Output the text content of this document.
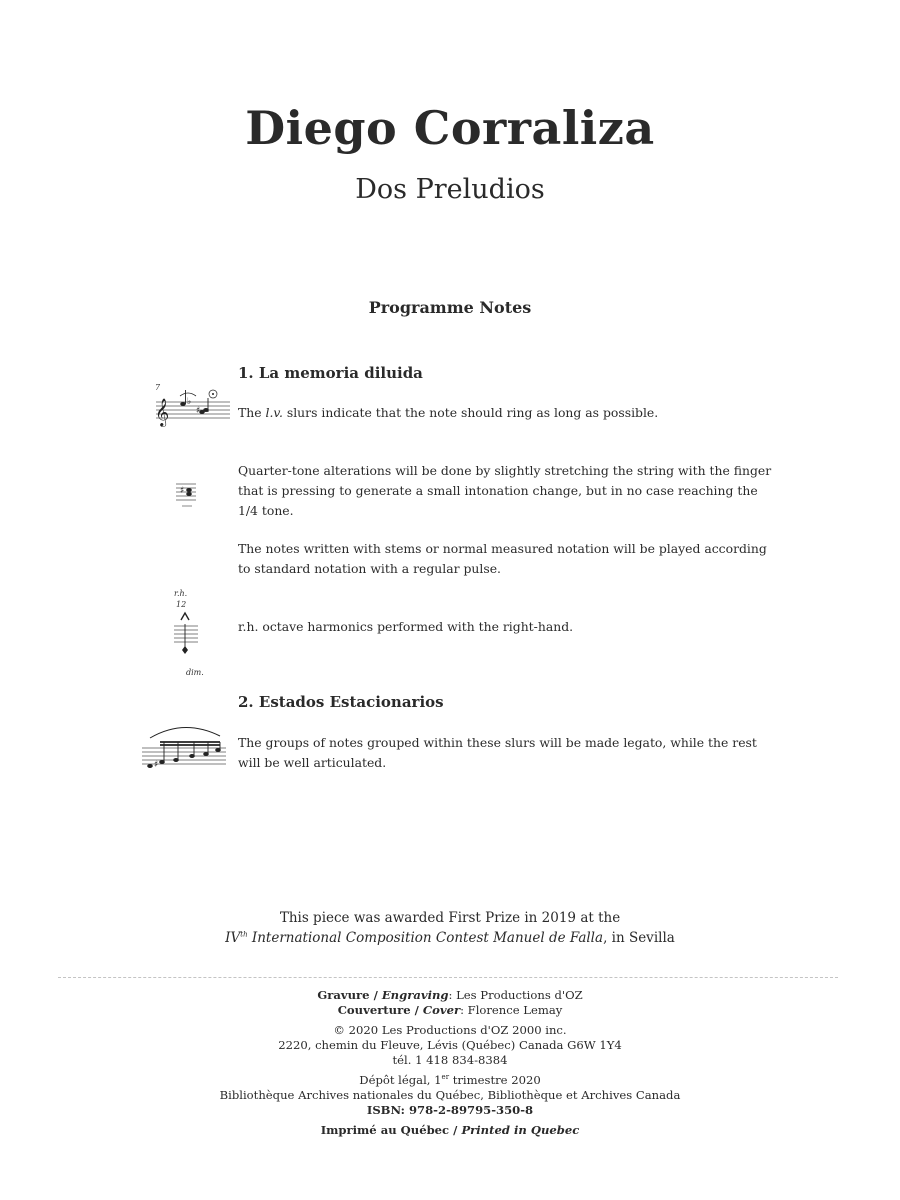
Diego Corraliza
Dos Preludios
Programme Notes
1. La memoria diluida
7
𝄞 ♭
♯	The l.v. slurs indicate that the note should ring as long as possible.
♯
Quarter-tone alterations will be done by slightly stretching the string with the finger that is pressing to generate a small intonation change, but in no case reaching the 1/4 tone.
The notes written with stems or normal measured notation will be played according to standard notation with a regular pulse.
r.h.
12
dim.
r.h. octave harmonics performed with the right-hand.
2. Estados Estacionarios
♯
The groups of notes grouped within these slurs will be made legato, while the rest will be well articulated.
This piece was awarded First Prize in 2019 at the
IVth International Composition Contest Manuel de Falla, in Sevilla
Gravure / Engraving: Les Productions d'OZ
Couverture / Cover: Florence Lemay
© 2020 Les Productions d'OZ 2000 inc.
2220, chemin du Fleuve, Lévis (Québec) Canada G6W 1Y4
tél. 1 418 834-8384
Dépôt légal, 1er trimestre 2020
Bibliothèque Archives nationales du Québec, Bibliothèque et Archives Canada
ISBN: 978-2-89795-350-8
Imprimé au Québec / Printed in Quebec
